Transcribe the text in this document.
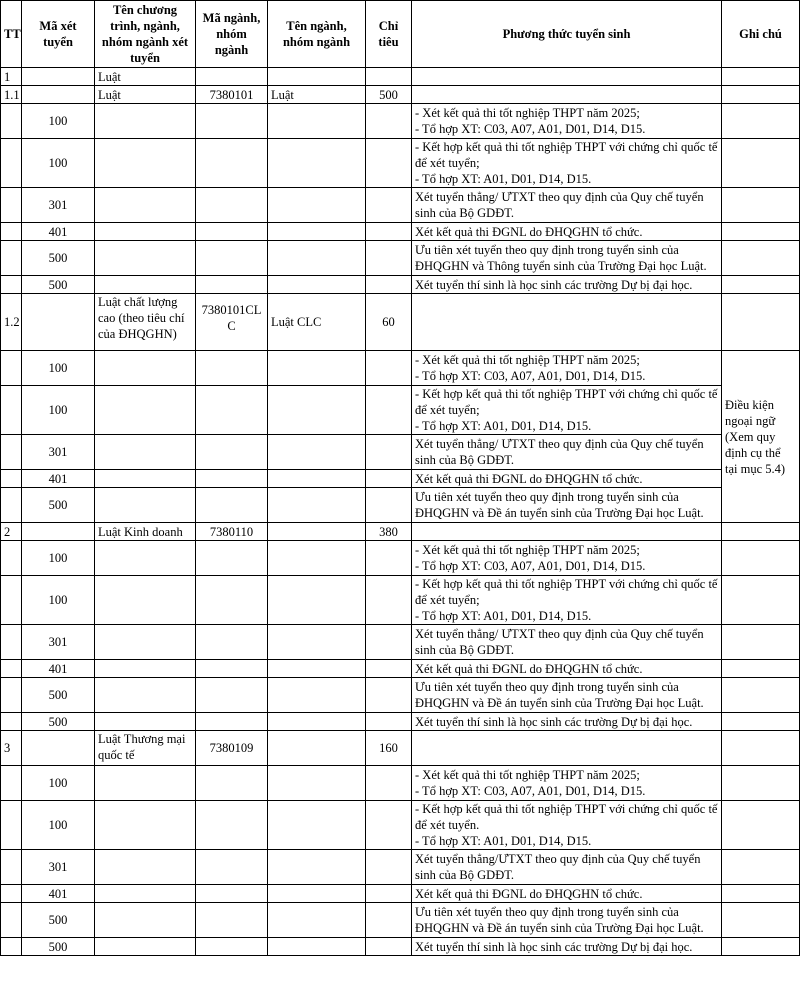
TT	Mã xét tuyển	Tên chương trình, ngành, nhóm ngành xét tuyển	Mã ngành, nhóm ngành	Tên ngành, nhóm ngành	Chỉ tiêu	Phương thức tuyển sinh	Ghi chú
1		Luật					
1.1		Luật	7380101	Luật	500		
	100					- Xét kết quả thi tốt nghiệp THPT năm 2025;
- Tổ hợp XT: C03, A07, A01, D01, D14, D15.	
	100					- Kết hợp kết quả thi tốt nghiệp THPT với chứng chỉ quốc tế để xét tuyển;
- Tổ hợp XT: A01, D01, D14, D15.	
	301					Xét tuyển thẳng/ ƯTXT theo quy định của Quy chế tuyển sinh của Bộ GDĐT.	
	401					Xét kết quả thi ĐGNL do ĐHQGHN tổ chức.	
	500					Ưu tiên xét tuyển theo quy định trong tuyển sinh của ĐHQGHN và Thông tuyển sinh của Trường Đại học Luật.	
	500					Xét tuyển thí sinh là học sinh các trường Dự bị đại học.	
1.2		Luật chất lượng cao (theo tiêu chí của ĐHQGHN)	7380101CLC	Luật CLC	60		
	100					- Xét kết quả thi tốt nghiệp THPT năm 2025;
- Tổ hợp XT: C03, A07, A01, D01, D14, D15.	Điều kiện ngoại ngữ (Xem quy định cụ thể tại mục 5.4)
	100					- Kết hợp kết quả thi tốt nghiệp THPT với chứng chỉ quốc tế để xét tuyển;
- Tổ hợp XT: A01, D01, D14, D15.	
	301					Xét tuyển thẳng/ ƯTXT theo quy định của Quy chế tuyển sinh của Bộ GDĐT.	
	401					Xét kết quả thi ĐGNL do ĐHQGHN tổ chức.	
	500					Ưu tiên xét tuyển theo quy định trong tuyển sinh của ĐHQGHN và Đề án tuyển sinh của Trường Đại học Luật.	
2		Luật Kinh doanh	7380110		380		
	100					- Xét kết quả thi tốt nghiệp THPT năm 2025;
- Tổ hợp XT: C03, A07, A01, D01, D14, D15.	
	100					- Kết hợp kết quả thi tốt nghiệp THPT với chứng chỉ quốc tế để xét tuyển;
- Tổ hợp XT: A01, D01, D14, D15.	
	301					Xét tuyển thẳng/ ƯTXT theo quy định của Quy chế tuyển sinh của Bộ GDĐT.	
	401					Xét kết quả thi ĐGNL do ĐHQGHN tổ chức.	
	500					Ưu tiên xét tuyển theo quy định trong tuyển sinh của ĐHQGHN và Đề án tuyển sinh của Trường Đại học Luật.	
	500					Xét tuyển thí sinh là học sinh các trường Dự bị đại học.	
3		Luật Thương mại quốc tế	7380109		160		
	100					- Xét kết quả thi tốt nghiệp THPT năm 2025;
- Tổ hợp XT: C03, A07, A01, D01, D14, D15.	
	100					- Kết hợp kết quả thi tốt nghiệp THPT với chứng chỉ quốc tế để xét tuyển.
- Tổ hợp XT: A01, D01, D14, D15.	
	301					Xét tuyển thẳng/ƯTXT theo quy định của Quy chế tuyển sinh của Bộ GDĐT.	
	401					Xét kết quả thi ĐGNL do ĐHQGHN tổ chức.	
	500					Ưu tiên xét tuyển theo quy định trong tuyển sinh của ĐHQGHN và Đề án tuyển sinh của Trường Đại học Luật.	
	500					Xét tuyển thí sinh là học sinh các trường Dự bị đại học.	
